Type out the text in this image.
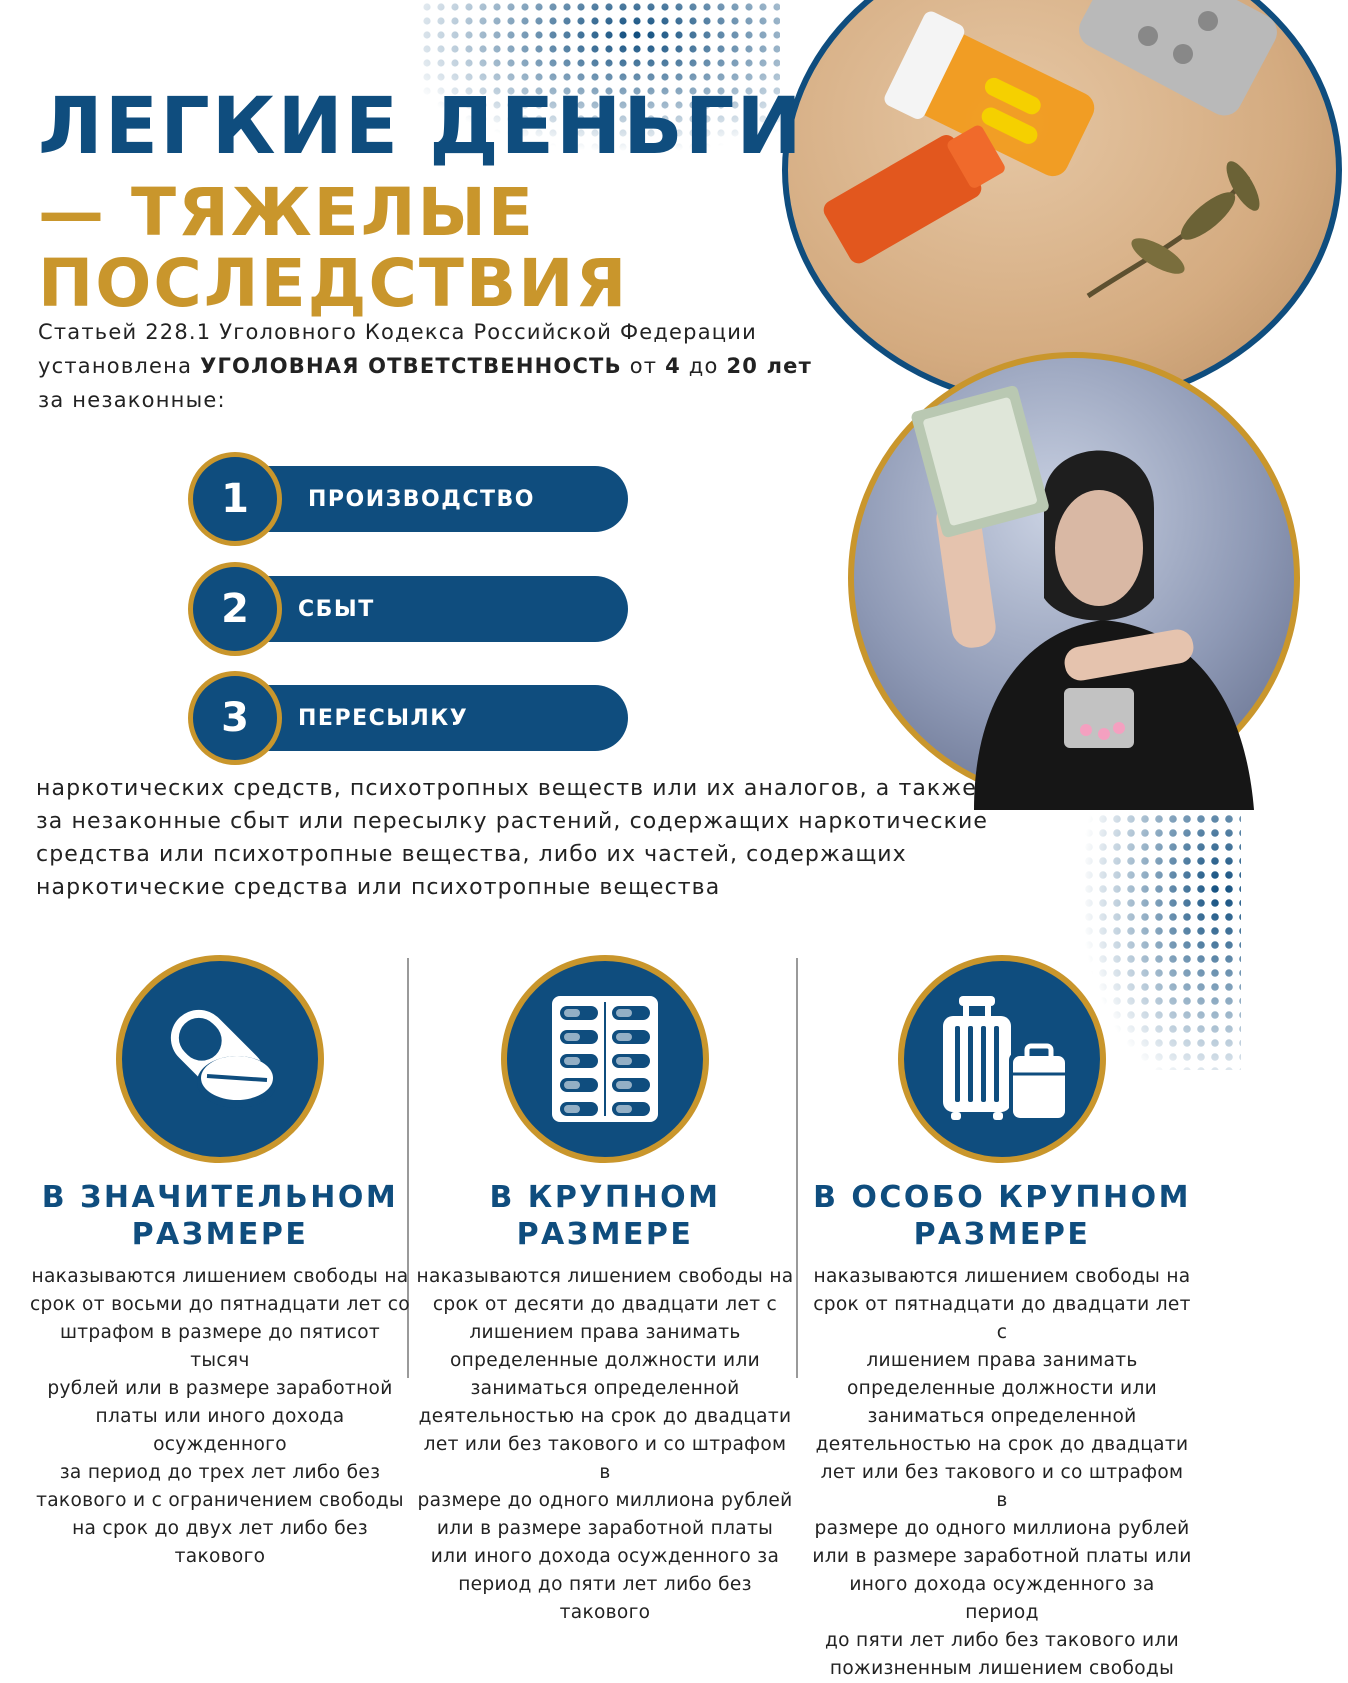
ЛЕГКИЕ ДЕНЬГИ
— ТЯЖЕЛЫЕ
ПОСЛЕДСТВИЯ
Статьей 228.1 Уголовного Кодекса Российской Федерации
установлена УГОЛОВНАЯ ОТВЕТСТВЕННОСТЬ от 4 до 20 лет
за незаконные:
1	ПРОИЗВОДСТВО
2	СБЫТ
3	ПЕРЕСЫЛКУ
наркотических средств, психотропных веществ или их аналогов, а также
за незаконные сбыт или пересылку растений, содержащих наркотические
средства или психотропные вещества, либо их частей, содержащих
наркотические средства или психотропные вещества
В ЗНАЧИТЕЛЬНОМ
РАЗМЕРЕ
наказываются лишением свободы на
срок от восьми до пятнадцати лет со
штрафом в размере до пятисот тысяч
рублей или в размере заработной
платы или иного дохода осужденного
за период до трех лет либо без
такового и с ограничением свободы
на срок до двух лет либо без такового
В КРУПНОМ
РАЗМЕРЕ
наказываются лишением свободы на
срок от десяти до двадцати лет с
лишением права занимать
определенные должности или
заниматься определенной
деятельностью на срок до двадцати
лет или без такового и со штрафом в
размере до одного миллиона рублей
или в размере заработной платы
или иного дохода осужденного за
период до пяти лет либо без
такового
В ОСОБО КРУПНОМ
РАЗМЕРЕ
наказываются лишением свободы на
срок от пятнадцати до двадцати лет с
лишением права занимать
определенные должности или
заниматься определенной
деятельностью на срок до двадцати
лет или без такового и со штрафом в
размере до одного миллиона рублей
или в размере заработной платы или
иного дохода осужденного за период
до пяти лет либо без такового или
пожизненным лишением свободы
